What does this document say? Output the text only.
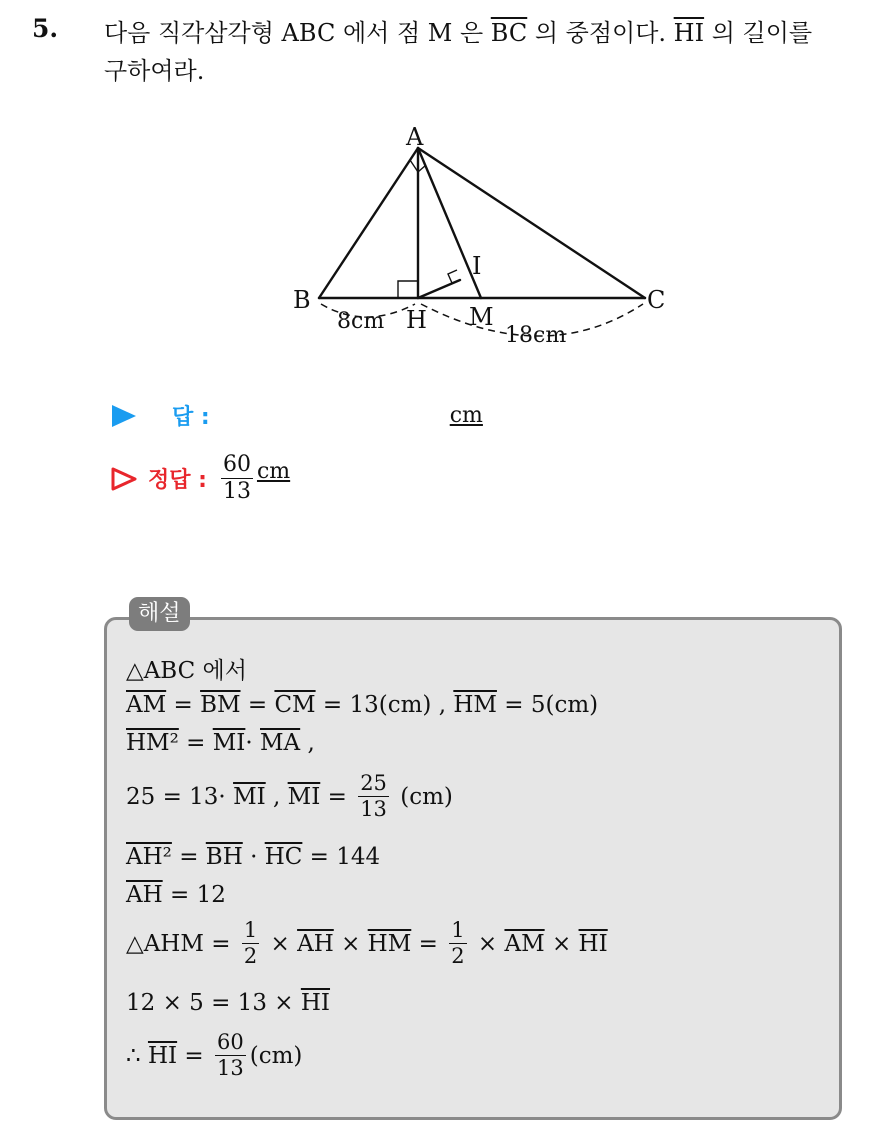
5. 다음 직각삼각형 ABC 에서 점 M 은 $\overline{BC}$ 의 중점이다. $\overline{HI}$ 의 길이를
구하여라.
A
B	C
H M
I
8cm
18cm
답 :	cm
정답 : $\frac{60}{13}$ cm
해설
△ABC 에서
$\overline{AM} = \overline{BM} = \overline{CM} = 13(cm)$ , $\overline{HM} = 5(cm)$
$HM^2 = \overline{MI} \cdot \overline{MA}$ ,
$25 = 13\cdot \overline{MI}$ , $\overline{MI} = \frac{25}{13} (cm)$
$AH^2 = \overline{BH} \cdot \overline{HC} = 144$
$\overline{AH} = 12$
△AHM = $\frac{1}{2} \times \overline{AH} \times \overline{HM} = \frac{1}{2} \times \overline{AM} \times \overline{HI}$
$12 \times 5 = 13 \times \overline{HI}$
∴ $\overline{HI} = \frac{60}{13} (cm)$
